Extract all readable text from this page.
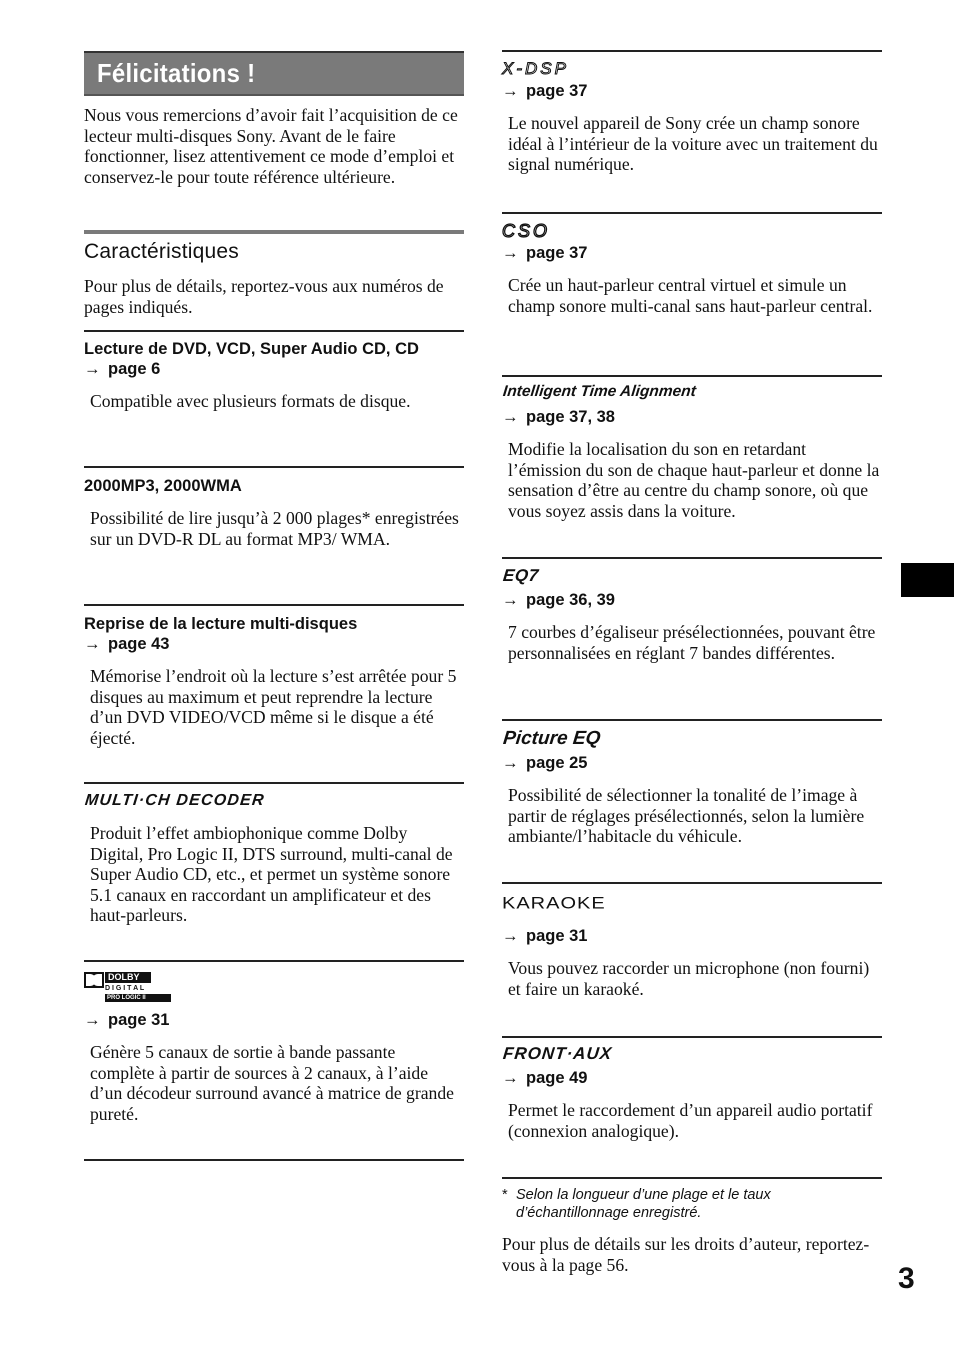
Félicitations !

Nous vous remercions d’avoir fait l’acquisition de ce lecteur multi-disques Sony. Avant de le faire fonctionner, lisez attentivement ce mode d’emploi et conservez-le pour toute référence ultérieure.

Caractéristiques

Pour plus de détails, reportez-vous aux numéros de pages indiqués.

Lecture de DVD, VCD, Super Audio CD, CD
→ page 6
Compatible avec plusieurs formats de disque.
2000MP3, 2000WMA
Possibilité de lire jusqu’à 2 000 plages* enregistrées sur un DVD-R DL au format MP3/ WMA.
Reprise de la lecture multi-disques
→ page 43
Mémorise l’endroit où la lecture s’est arrêtée pour 5 disques au maximum et peut reprendre la lecture d’un DVD VIDEO/VCD même si le disque a été éjecté.
MULTI·CH DECODER
Produit l’effet ambiophonique comme Dolby Digital, Pro Logic II, DTS surround, multi-canal de Super Audio CD, etc., et permet un système sonore 5.1 canaux en raccordant un amplificateur et des haut-parleurs.
DOLBY
D I G I T A L
PRO LOGIC II
→ page 31
Génère 5 canaux de sortie à bande passante complète à partir de sources à 2 canaux, à l’aide d’un décodeur surround avancé à matrice de grande pureté.
X-DSP
→ page 37
Le nouvel appareil de Sony crée un champ sonore idéal à l’intérieur de la voiture avec un traitement du signal numérique.
CSO
→ page 37
Crée un haut-parleur central virtuel et simule un champ sonore multi-canal sans haut-parleur central.
Intelligent Time Alignment
→ page 37, 38
Modifie la localisation du son en retardant l’émission du son de chaque haut-parleur et donne la sensation d’être au centre du champ sonore, où que vous soyez assis dans la voiture.
EQ7
→ page 36, 39
7 courbes d’égaliseur présélectionnées, pouvant être personnalisées en réglant 7 bandes différentes.
Picture EQ
→ page 25
Possibilité de sélectionner la tonalité de l’image à partir de réglages présélectionnés, selon la lumière ambiante/l’habitacle du véhicule.
KARAOKE
→ page 31
Vous pouvez raccorder un microphone (non fourni) et faire un karaoké.
FRONT·AUX
→ page 49
Permet le raccordement d’un appareil audio portatif (connexion analogique).
* Selon la longueur d’une plage et le taux d’échantillonnage enregistré.

Pour plus de détails sur les droits d’auteur, reportez-vous à la page 56.	3
